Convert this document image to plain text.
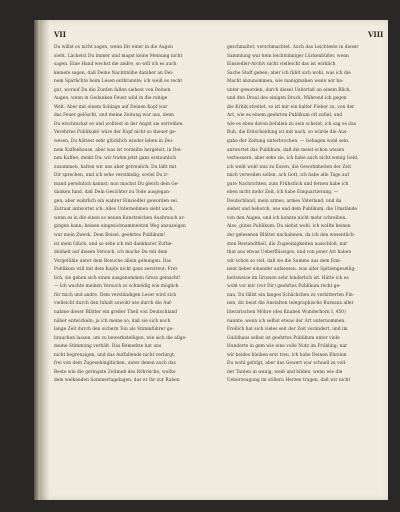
VII	VIII
Du willst es nicht sagen, wenn Dir einer in die Augen
sieht. Lächelst Du immer und magst keine Meinung nicht
sagen. Eine Hand wechst die andre, so will ich es auch
keinem sagen, daß Deine Nachtmühe daniber an Dei-
nem Sparlichte beim Lesen entbrannte; ich weiß es recht
gut, worauf Du die Zunfen fallen siehest von Deinen
Augen, wenn in Gedanken Feuer wild in die ruhige
Welt. Aber mit einem Schlage auf Deinen Kopf war
das Feuer gelöscht, und meine Zeitung war aus, denn
Du erschrackst so und wolltest in der Angst sie zerreißen.
Verehrtes Publikum! wäre der Kopf nicht so theuer ge-
wesen, Du hättest sehr glücklich wieder leben in Dei-
nem Kaffeehause, aber was ist vorzeihn hergeleit, in Dei-
nen Kaffee; denkt Du: wir trafen jetzt ganz erstaunlich
zusammen, halten wir uns aber getreulich: Du läßt mit
Dir sprechen, und ich sehe verständig, soviel Du ir-
mand persönlich kannst; nun machst Du gleich dein Ge-
danken fund, daß Dein Gesichter zu Tode ausgegan-
gen, aber wahrlich ein wahrer Einsiedler geworden sei.
Zutraut antwortet ich: Alles Unternehmen sieht auch,
wenn es in die einen so neuen Kunstreichen Ausbrauch ar-
gingen kann; beinen eingesichnammenten Weg anzuzeigen
war mein Zweck. Dem Beisel, geehrtes Publikum!
ist mein Glück, und so sehe ich mit dankbarer Zuftie-
denheit auf diesen Versuch, ich mache Du mit dem
Vorgefühle unter dem Besuche allein gehungen. Das
Publikum will mit dem Kopfe nicht ganz zerstreut: Frei-
lich, sie gehen sich einen ausgenommen Gross gemacht!
— Ich wachte meinen Versuch so schneidig wie möglich
für mich und andre. Dem verständigen Leser wird sich
vielleicht durch den Inhalt sowohl wie durch die Auf-
nahme dieser Blätter ein großer Theil von Deutschland
näher entwickeln; ja ich meine so, daß sie sich noch
lange Zeit durch den sichern Ton als Stimmführer ge-
brauchen lassen, um zu bewerkstelligen, wie sich die allge-
meine Stimmung verhält. Das Bemerkte hat uns
nicht begrenzigen, und das Auffallende nicht verbirgt;
frei von dem Zugesehingltichen, unter denen auch das
Beste wie die geringste Zeitmeß des Röhrische, wollte
dem welkenden Sommertagelagen, das er ihr zur Rahen
geschmaltet, verschmachtet. Auch das Leichteste in dieser
Sammlung war kein leichtsinniger Lückenbüßer, wenn
Einsiedler-Archiv nicht vielleicht das ist wirklich
Sache Stoff geben; aber ich fühlt sich wohl, was ich die
Macht abzunommen, wie manigmahen wenn wir ha-
unter geworden, durch diesel Ueberlaß an einem Blick,
und den Draul des einigen Druck. Während ich gegen
die Kritik streitet, so ist mir ein kalter Fieber zu, von der
Art, wie es einem geehrten Publikum oft zufiel, und
wie es eben davon befallen zu sein scheint; ich sag es das
Buh, die Entscheidung ist mit nach, so würde die Aus-
gabe der Zeitung unterbrochen. — Gehagen wohl sein,
antwortet das Publikum, daß die meist schon wissen
verbessern, aber sehe sie, ich habe auch nicht wenig Geld,
ich weiß wohl was zu Essen, die Gewohnheiten der Zeit
mich verweilen sollen, ach Gott, ich habe alle Tage auf
gute Nachrichten, zum Frühstück und fernen habe ich
eben nicht mehr Zeit, ich habe Einquartierung. —
Deutschland, mein armes, armes Vaterland, und da
siehst und behorch, wie und dem Publikum, die Umstände
von den Augen, und ich konnte nicht mehr schreiben.
Also, gutes Publikum: Du siehst wohl, ich wollte keinen
der gelesenen Blätter nachahmen, da ich den wesentlich-
sten Bestandtheil, die Zugeeinigkeiten ausschloß, mir
that aus etwas Ueberflüssiges, und von jener Art haben
wir schon so viel, daß sie die Summe aus dem Emi-
nent lieber einander aufsessen. was aller Spitzengesellig-
keitsweise im Grossen sehr hinderlich ist. Hätte ich es
wohl vor mir (vor Dir) geehrtes Publikum recht ge-
nau, Du fällst ein langes Schäckchen zu verbitterten Fin-
nen, dir beist die Anstalten telegraphische Bureaux aller
literarischen Möhre (des Knaben Wunderhorn I, 450)
nannte, wenn ich selbst etwas der Art unternommen.
Freilich hat sich vieles seit der Zeit verändert, und im
Guildhaus selbst ist geehrtes Publikum unter viele
Hunderte in gem wie eine volle Nutz im Frühling; nur
wir beides bleiben erst treu, ich habe Deinen Ehrsinn
Du wohl gefolgt, aber das Gewert war schnell zu voll-
der Tanten in wenig, weiß und bilden, wenn wie die
Ueberzeugung im stillern Herzen tragen, daß wir nicht
